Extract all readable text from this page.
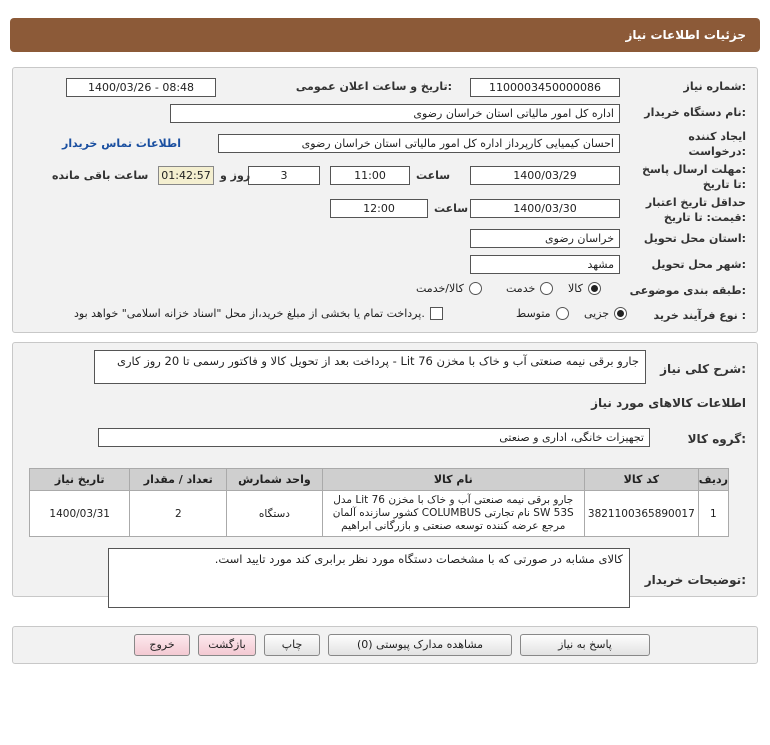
جزئیات اطلاعات نیاز
شماره نیاز:
1100003450000086
تاریخ و ساعت اعلان عمومی:
1400/03/26 - 08:48
نام دستگاه خریدار:
اداره کل امور مالیاتی استان خراسان رضوی
ایجاد کننده
درخواست:
احسان کیمیایی کارپرداز اداره کل امور مالیاتی استان خراسان رضوی
اطلاعات تماس خریدار
مهلت ارسال پاسخ:
تا تاریخ:
1400/03/29
ساعت
11:00
3
روز و
01:42:57
ساعت باقی مانده
حداقل تاریخ اعتبار
قیمت: تا تاریخ:
1400/03/30
ساعت
12:00
استان محل تحویل:
خراسان رضوی
شهر محل تحویل:
مشهد
طبقه بندی موضوعی:
کالا
خدمت
کالا/خدمت
نوع فرآیند خرید :
جزیی
متوسط
پرداخت تمام یا بخشی از مبلغ خرید،از محل "اسناد خزانه اسلامی" خواهد بود.
شرح کلی نیاز:
جارو برقی نیمه صنعتی آب و خاک با مخزن Lit 76 - پرداخت بعد از تحویل کالا و فاکتور رسمی تا 20 روز کاری
اطلاعات کالاهای مورد نیاز
گروه کالا:
تجهیزات خانگی، اداری و صنعتی
ردیف	کد کالا	نام کالا	واحد شمارش	تعداد / مقدار	تاریخ نیاز
1	3821100365890017	جارو برقی نیمه صنعتی آب و خاک با مخزن Lit 76 مدل SW 53S نام تجارتی COLUMBUS کشور سازنده آلمان مرجع عرضه کننده توسعه صنعتی و بازرگانی ابراهیم	دستگاه	2	1400/03/31
توضیحات خریدار:
کالای مشابه در صورتی که با مشخصات دستگاه مورد نظر برابری کند مورد تایید است.
پاسخ به نیاز
مشاهده مدارک پیوستی (0)
چاپ
بازگشت
خروج
